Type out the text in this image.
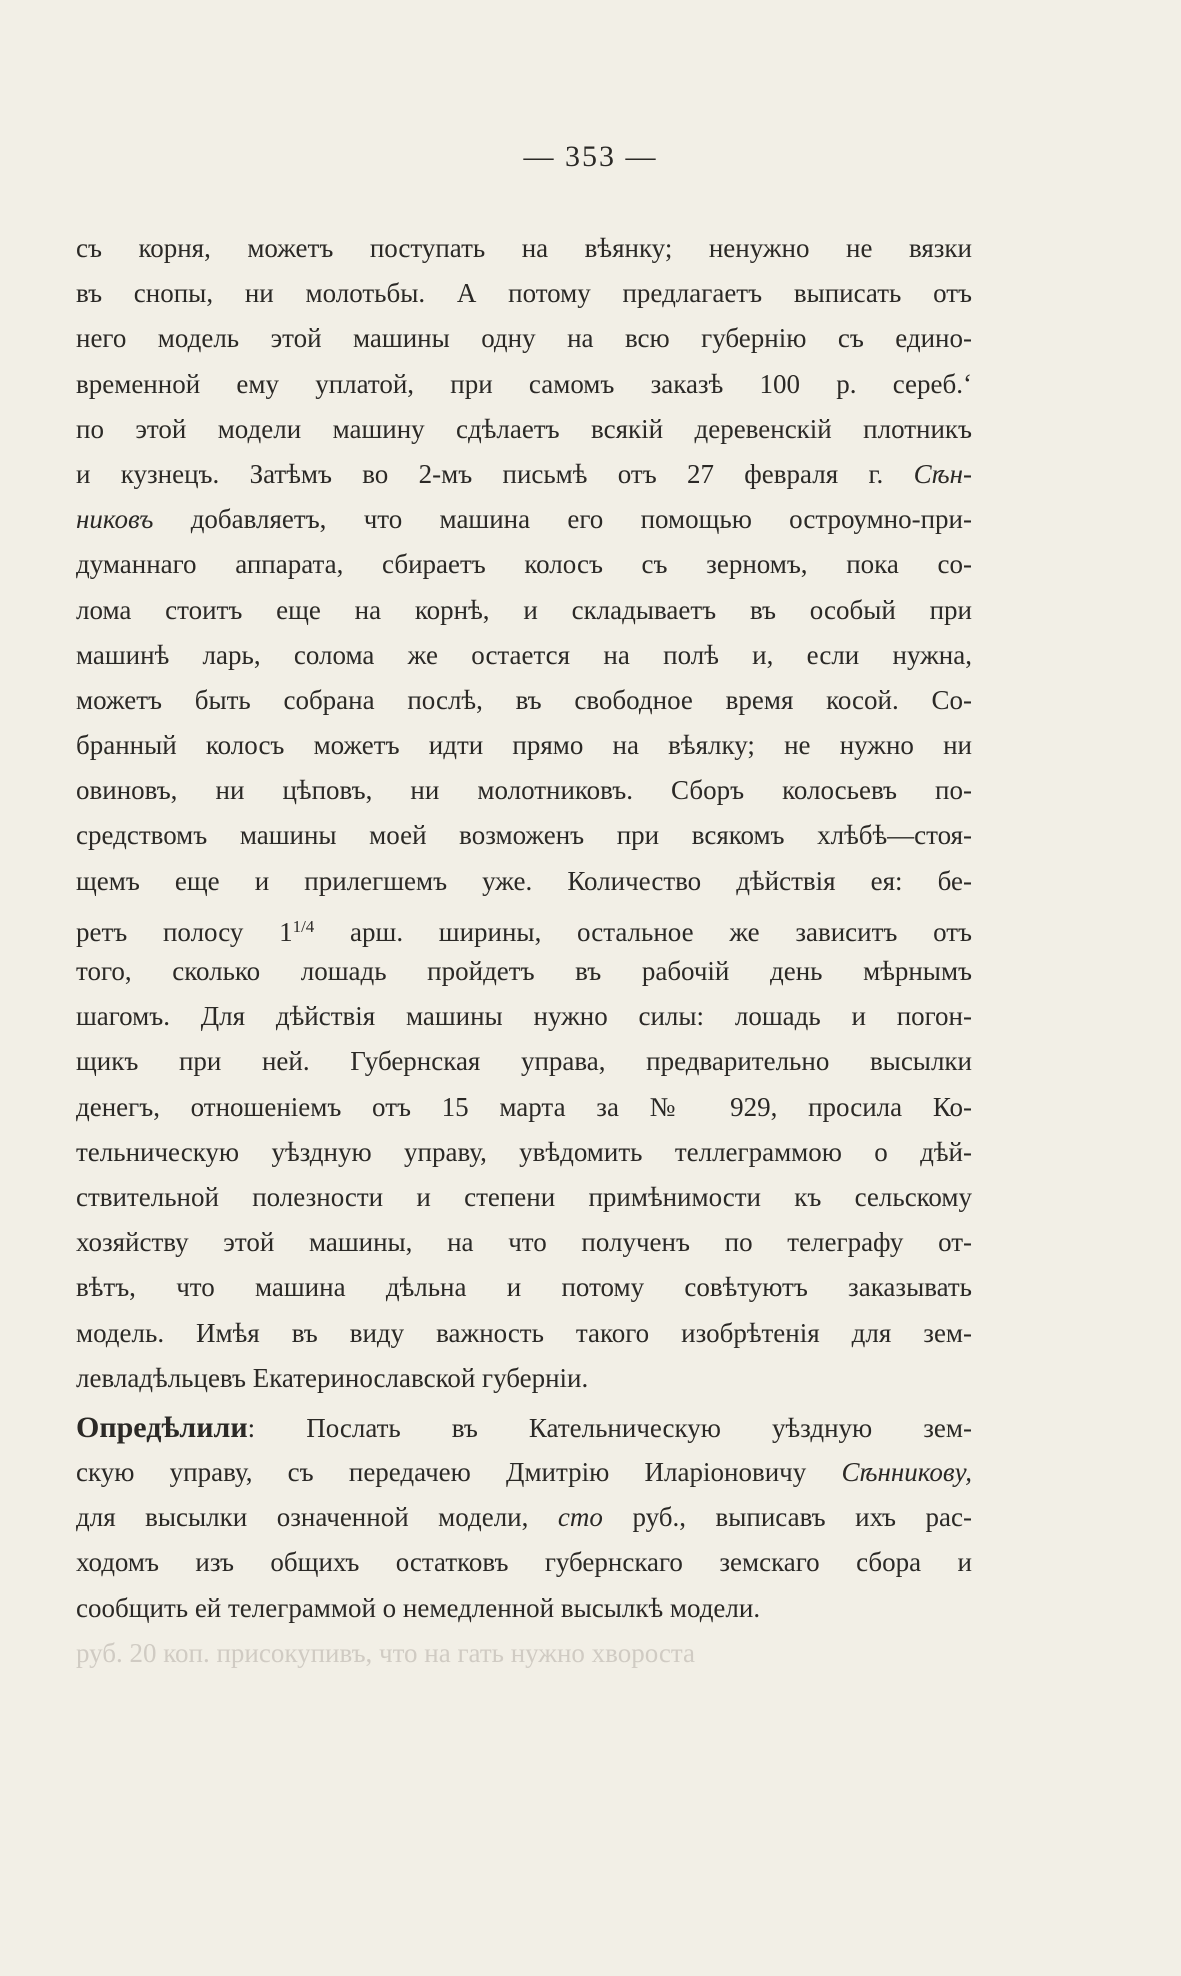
— 353 —
съ корня, можетъ поступать на вѣянку; ненужно не вязки
въ снопы, ни молотьбы. А потому предлагаетъ выписать отъ
него модель этой машины одну на всю губернію съ едино-
временной ему уплатой, при самомъ заказѣ 100 р. сереб.‘
по этой модели машину сдѣлаетъ всякій деревенскій плотникъ
и кузнецъ. Затѣмъ во 2-мъ письмѣ отъ 27 февраля г. Сѣн-
никовъ добавляетъ, что машина его помощью остроумно-при-
думаннаго аппарата, сбираетъ колосъ съ зерномъ, пока со-
лома стоитъ еще на корнѣ, и складываетъ въ особый при
машинѣ ларь, солома же остается на полѣ и, если нужна,
можетъ быть собрана послѣ, въ свободное время косой. Со-
бранный колосъ можетъ идти прямо на вѣялку; не нужно ни
овиновъ, ни цѣповъ, ни молотниковъ. Сборъ колосьевъ по-
средствомъ машины моей возможенъ при всякомъ хлѣбѣ—стоя-
щемъ еще и прилегшемъ уже. Количество дѣйствія ея: бе-
ретъ полосу $1^{1/4}$ арш. ширины, остальное же зависитъ отъ
того, сколько лошадь пройдетъ въ рабочій день мѣрнымъ
шагомъ. Для дѣйствія машины нужно силы: лошадь и погон-
щикъ при ней. Губернская управа, предварительно высылки
денегъ, отношеніемъ отъ 15 марта за № 929, просила Ко-
тельническую уѣздную управу, увѣдомить теллеграммою о дѣй-
ствительной полезности и степени примѣнимости къ сельскому
хозяйству этой машины, на что полученъ по телеграфу от-
вѣтъ, что машина дѣльна и потому совѣтуютъ заказывать
модель. Имѣя въ виду важность такого изобрѣтенія для зем-
левладѣльцевъ Екатеринославской губерніи.
Опредѣлили: Послать въ Кательническую уѣздную зем-
скую управу, съ передачею Дмитрію Иларіоновичу Сѣнникову,
для высылки означенной модели, сто руб., выписавъ ихъ рас-
ходомъ изъ общихъ остатковъ губернскаго земскаго сбора и
сообщить ей телеграммой о немедленной высылкѣ модели.
руб. 20 коп. присокупивъ, что на гать нужно хвороста
